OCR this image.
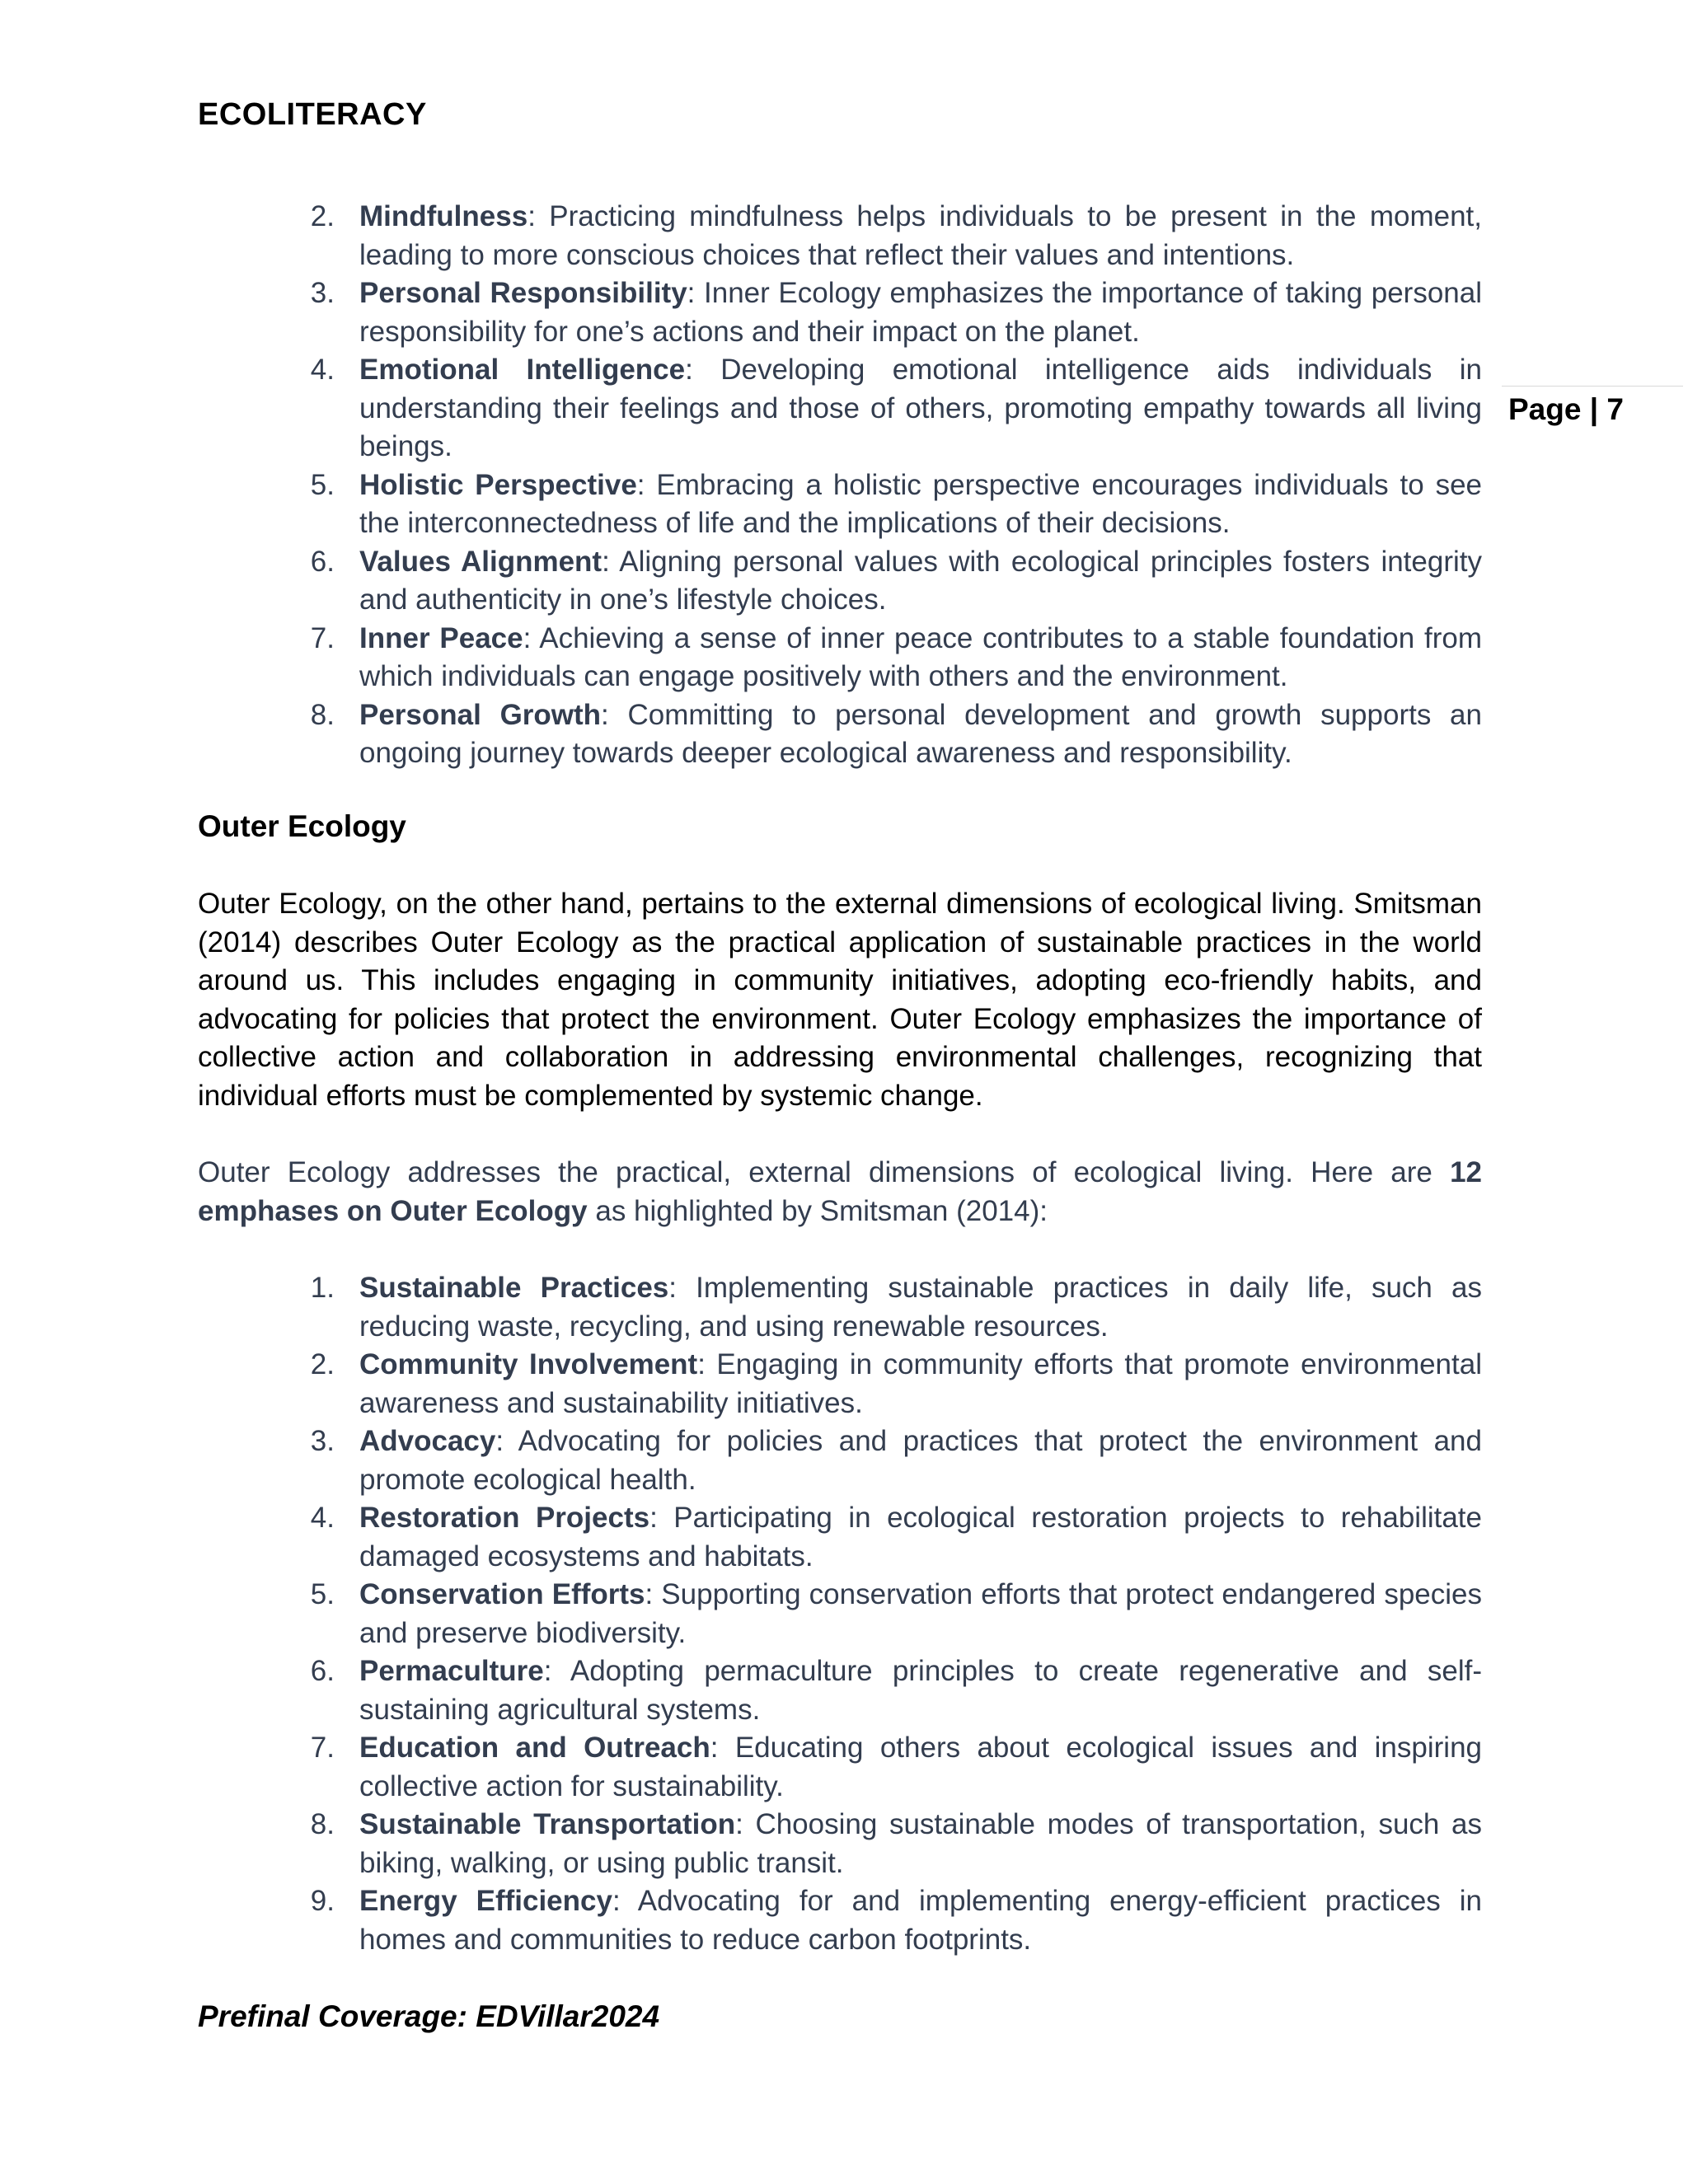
ECOLITERACY
Page | 7
2. Mindfulness: Practicing mindfulness helps individuals to be present in the moment, leading to more conscious choices that reflect their values and intentions.
3. Personal Responsibility: Inner Ecology emphasizes the importance of taking personal responsibility for one’s actions and their impact on the planet.
4. Emotional Intelligence: Developing emotional intelligence aids individuals in understanding their feelings and those of others, promoting empathy towards all living beings.
5. Holistic Perspective: Embracing a holistic perspective encourages individuals to see the interconnectedness of life and the implications of their decisions.
6. Values Alignment: Aligning personal values with ecological principles fosters integrity and authenticity in one’s lifestyle choices.
7. Inner Peace: Achieving a sense of inner peace contributes to a stable foundation from which individuals can engage positively with others and the environment.
8. Personal Growth: Committing to personal development and growth supports an ongoing journey towards deeper ecological awareness and responsibility.
Outer Ecology

Outer Ecology, on the other hand, pertains to the external dimensions of ecological living. Smitsman (2014) describes Outer Ecology as the practical application of sustainable practices in the world around us. This includes engaging in community initiatives, adopting eco-friendly habits, and advocating for policies that protect the environment. Outer Ecology emphasizes the importance of collective action and collaboration in addressing environmental challenges, recognizing that individual efforts must be complemented by systemic change.

Outer Ecology addresses the practical, external dimensions of ecological living. Here are 12 emphases on Outer Ecology as highlighted by Smitsman (2014):

1. Sustainable Practices: Implementing sustainable practices in daily life, such as reducing waste, recycling, and using renewable resources.
2. Community Involvement: Engaging in community efforts that promote environmental awareness and sustainability initiatives.
3. Advocacy: Advocating for policies and practices that protect the environment and promote ecological health.
4. Restoration Projects: Participating in ecological restoration projects to rehabilitate damaged ecosystems and habitats.
5. Conservation Efforts: Supporting conservation efforts that protect endangered species and preserve biodiversity.
6. Permaculture: Adopting permaculture principles to create regenerative and self-sustaining agricultural systems.
7. Education and Outreach: Educating others about ecological issues and inspiring collective action for sustainability.
8. Sustainable Transportation: Choosing sustainable modes of transportation, such as biking, walking, or using public transit.
9. Energy Efficiency: Advocating for and implementing energy-efficient practices in homes and communities to reduce carbon footprints.
Prefinal Coverage: EDVillar2024
